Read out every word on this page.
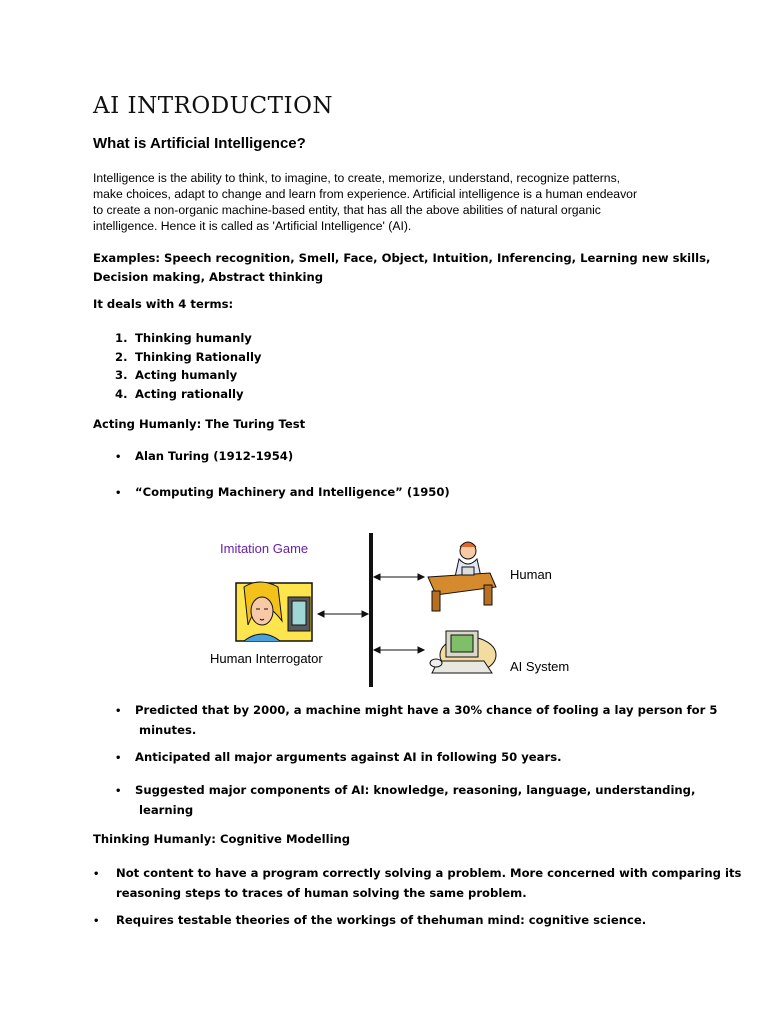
AI INTRODUCTION
What is Artificial Intelligence?
Intelligence is the ability to think, to imagine, to create, memorize, understand, recognize patterns,
make choices, adapt to change and learn from experience. Artificial intelligence is a human endeavor
to create a non-organic machine-based entity, that has all the above abilities of natural organic
intelligence. Hence it is called as 'Artificial Intelligence' (AI).
Examples: Speech recognition, Smell, Face, Object, Intuition, Inferencing, Learning new skills,
Decision making, Abstract thinking
It deals with 4 terms:
1. Thinking humanly
2. Thinking Rationally
3. Acting humanly
4. Acting rationally
Acting Humanly: The Turing Test
• Alan Turing (1912-1954)
• “Computing Machinery and Intelligence” (1950)
Imitation Game
Human
Human Interrogator
AI System
• Predicted that by 2000, a machine might have a 30% chance of fooling a lay person for 5
minutes.
• Anticipated all major arguments against AI in following 50 years.
• Suggested major components of AI: knowledge, reasoning, language, understanding,
learning
Thinking Humanly: Cognitive Modelling
• Not content to have a program correctly solving a problem. More concerned with comparing its
reasoning steps to traces of human solving the same problem.
• Requires testable theories of the workings of thehuman mind: cognitive science.
